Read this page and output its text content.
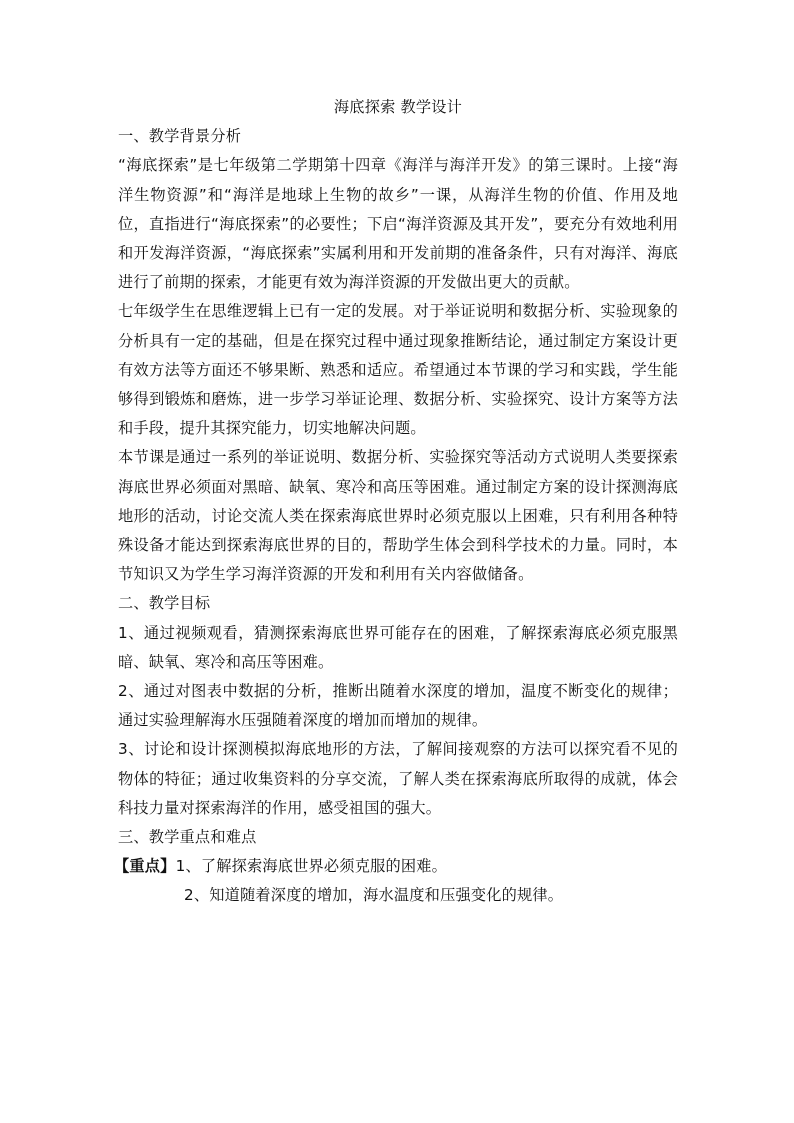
海底探索 教学设计

一、教学背景分析

“海底探索”是七年级第二学期第十四章《海洋与海洋开发》的第三课时。上接“海洋生物资源”和“海洋是地球上生物的故乡”一课，从海洋生物的价值、作用及地位，直指进行“海底探索”的必要性；下启“海洋资源及其开发”，要充分有效地利用和开发海洋资源，“海底探索”实属利用和开发前期的准备条件，只有对海洋、海底进行了前期的探索，才能更有效为海洋资源的开发做出更大的贡献。

七年级学生在思维逻辑上已有一定的发展。对于举证说明和数据分析、实验现象的分析具有一定的基础，但是在探究过程中通过现象推断结论，通过制定方案设计更有效方法等方面还不够果断、熟悉和适应。希望通过本节课的学习和实践，学生能够得到锻炼和磨炼，进一步学习举证论理、数据分析、实验探究、设计方案等方法和手段，提升其探究能力，切实地解决问题。

本节课是通过一系列的举证说明、数据分析、实验探究等活动方式说明人类要探索海底世界必须面对黑暗、缺氧、寒冷和高压等困难。通过制定方案的设计探测海底地形的活动，讨论交流人类在探索海底世界时必须克服以上困难，只有利用各种特殊设备才能达到探索海底世界的目的，帮助学生体会到科学技术的力量。同时，本节知识又为学生学习海洋资源的开发和利用有关内容做储备。

二、教学目标

1、通过视频观看，猜测探索海底世界可能存在的困难，了解探索海底必须克服黑暗、缺氧、寒冷和高压等困难。

2、通过对图表中数据的分析，推断出随着水深度的增加，温度不断变化的规律；通过实验理解海水压强随着深度的增加而增加的规律。

3、讨论和设计探测模拟海底地形的方法，了解间接观察的方法可以探究看不见的物体的特征；通过收集资料的分享交流，了解人类在探索海底所取得的成就，体会科技力量对探索海洋的作用，感受祖国的强大。

三、教学重点和难点

【重点】1、了解探索海底世界必须克服的困难。

2、知道随着深度的增加，海水温度和压强变化的规律。
